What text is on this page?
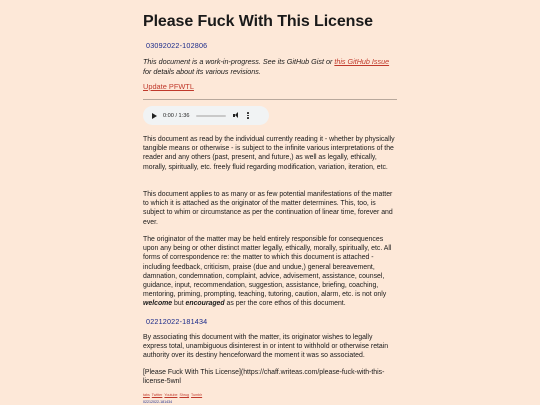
Please Fuck With This License
03092022-102806
This document is a work-in-progress. See its GitHub Gist or this GitHub Issue for details about its various revisions.
Update PFWTL
0:00 / 1:36

This document as read by the individual currently reading it - whether by physically tangible means or otherwise - is subject to the infinite various interpretations of the reader and any others (past, present, and future,) as well as legally, ethically, morally, spiritually, etc. freely fluid regarding modification, variation, iteration, etc.

This document applies to as many or as few potential manifestations of the matter to which it is attached as the originator of the matter determines. This, too, is subject to whim or circumstance as per the continuation of linear time, forever and ever.

The originator of the matter may be held entirely responsible for consequences upon any being or other distinct matter legally, ethically, morally, spiritually, etc. All forms of correspondence re: the matter to which this document is attached - including feedback, criticism, praise (due and undue,) general bereavement, damnation, condemnation, complaint, advice, advisement, assistance, counsel, guidance, input, recommendation, suggestion, assistance, briefing, coaching, mentoring, priming, prompting, teaching, tutoring, caution, alarm, etc. is not only welcome but encouraged as per the core ethos of this document.

02212022-181434

By associating this document with the matter, its originator wishes to legally express total, unambiguous disinterest in or intent to withhold or otherwise retain authority over its destiny henceforward the moment it was so associated.

[Please Fuck With This License](https://chaff.writeas.com/please-fuck-with-this-license-5wnl

tabs Twitter Youtube Shrug Tumblr
02212022-181434
